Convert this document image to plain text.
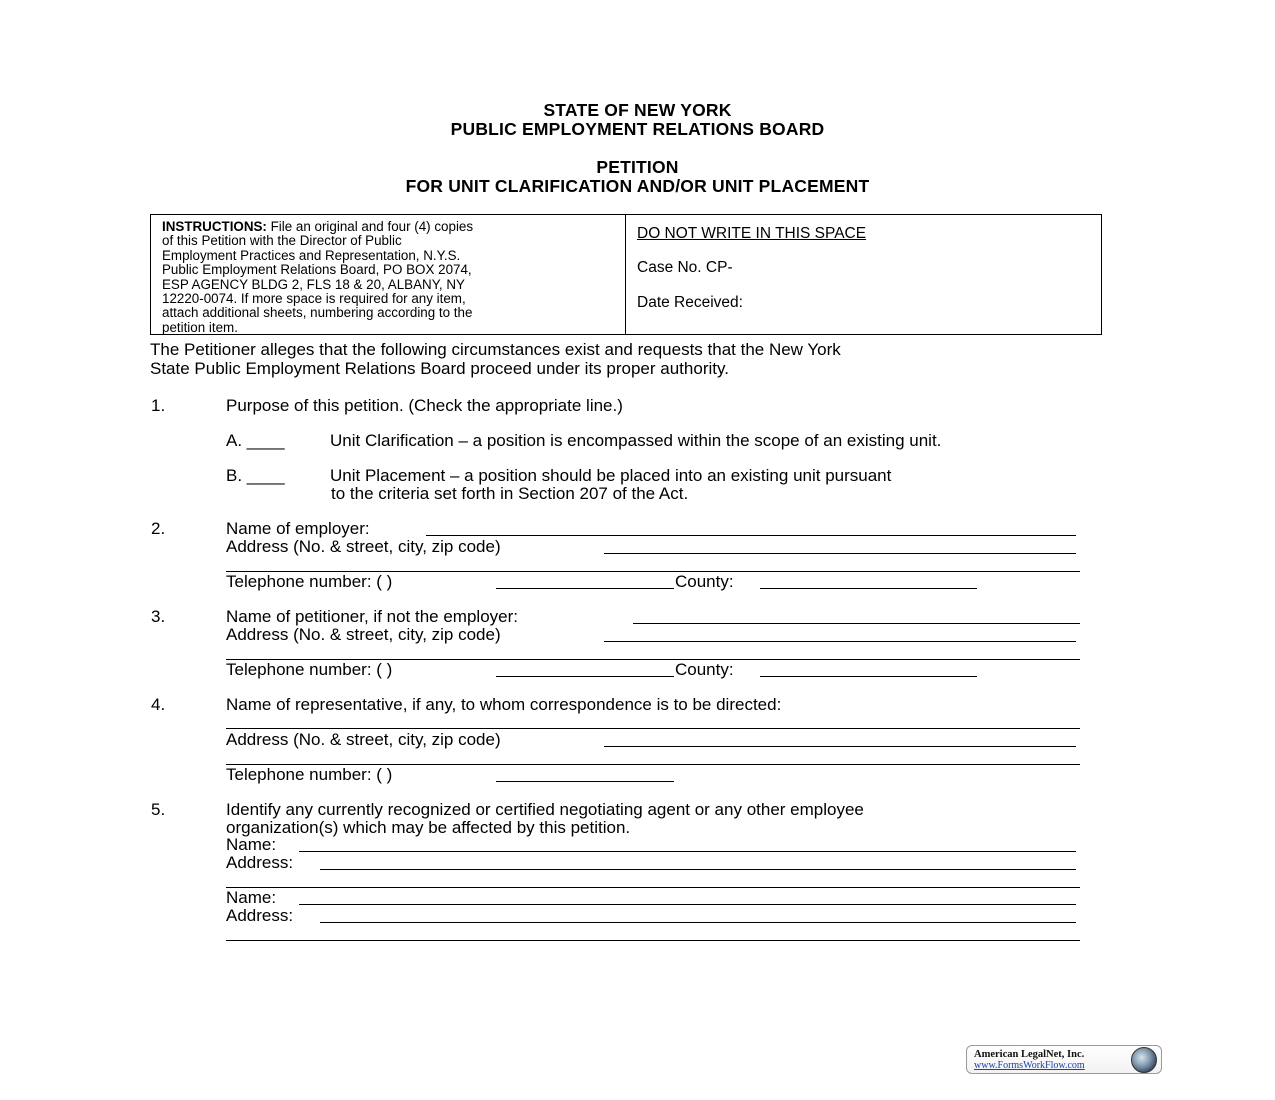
STATE OF NEW YORK
PUBLIC EMPLOYMENT RELATIONS BOARD
PETITION
FOR UNIT CLARIFICATION AND/OR UNIT PLACEMENT
INSTRUCTIONS: File an original and four (4) copies
of this Petition with the Director of Public
Employment Practices and Representation, N.Y.S.
Public Employment Relations Board, PO BOX 2074,
ESP AGENCY BLDG 2, FLS 18 & 20, ALBANY, NY
12220-0074. If more space is required for any item,
attach additional sheets, numbering according to the
petition item.
DO NOT WRITE IN THIS SPACE
Case No. CP-
Date Received:
The Petitioner alleges that the following circumstances exist and requests that the New York
State Public Employment Relations Board proceed under its proper authority.
1.	Purpose of this petition. (Check the appropriate line.)
A. ____	Unit Clarification – a position is encompassed within the scope of an existing unit.
B. ____	Unit Placement – a position should be placed into an existing unit pursuant
to the criteria set forth in Section 207 of the Act.
2.	Name of employer:
Address (No. & street, city, zip code)
Telephone number: ( )	County:
3.	Name of petitioner, if not the employer:
Address (No. & street, city, zip code)
Telephone number: ( )	County:
4.	Name of representative, if any, to whom correspondence is to be directed:
Address (No. & street, city, zip code)
Telephone number: ( )
5.	Identify any currently recognized or certified negotiating agent or any other employee
organization(s) which may be affected by this petition.
Name:
Address:
Name:
Address:
American LegalNet, Inc.
www.FormsWorkFlow.com
